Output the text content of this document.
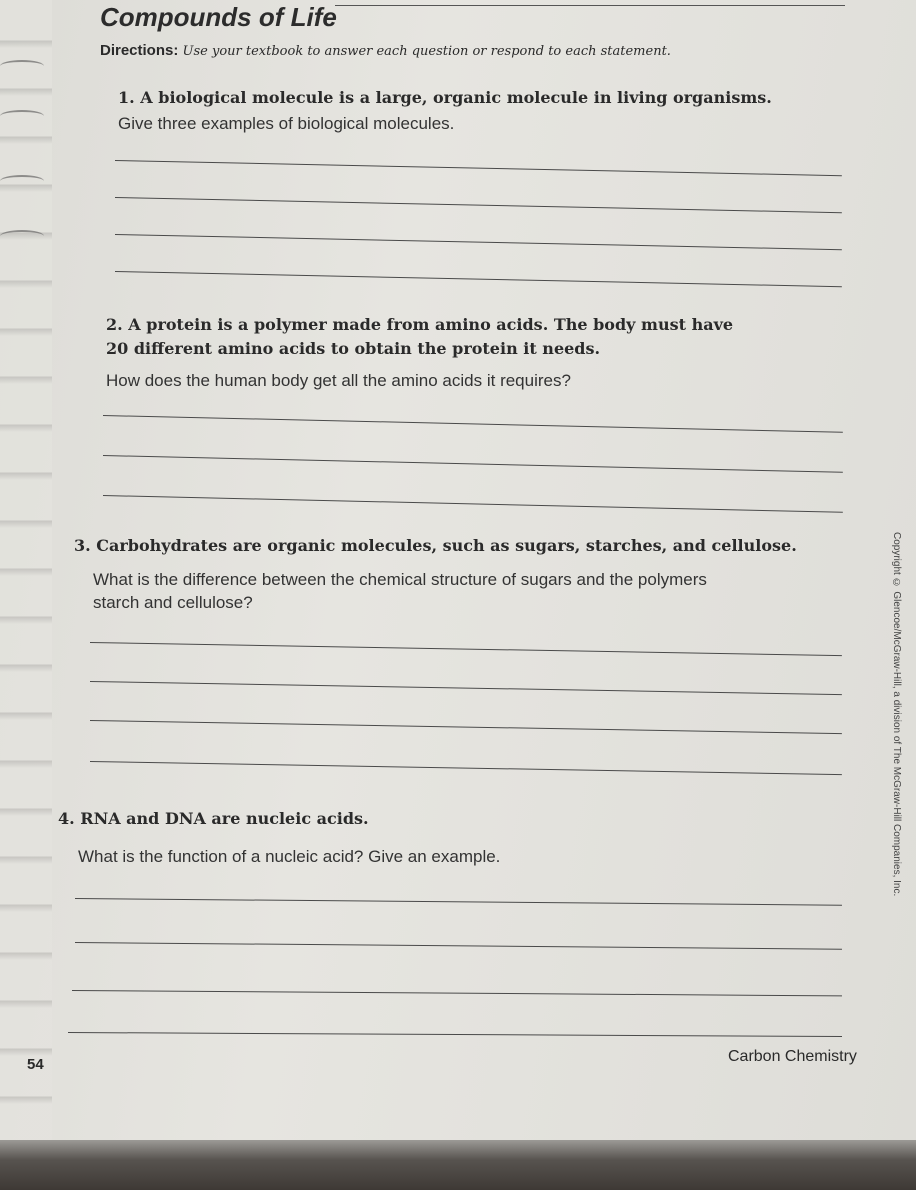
Compounds of Life
Directions: Use your textbook to answer each question or respond to each statement.
1. A biological molecule is a large, organic molecule in living organisms.
Give three examples of biological molecules.
2. A protein is a polymer made from amino acids. The body must have
20 different amino acids to obtain the protein it needs.
How does the human body get all the amino acids it requires?
3. Carbohydrates are organic molecules, such as sugars, starches, and cellulose.
What is the difference between the chemical structure of sugars and the polymers
starch and cellulose?
4. RNA and DNA are nucleic acids.
What is the function of a nucleic acid? Give an example.	Copyright © Glencoe/McGraw-Hill, a division of The McGraw-Hill Companies, Inc.
54	Carbon Chemistry
